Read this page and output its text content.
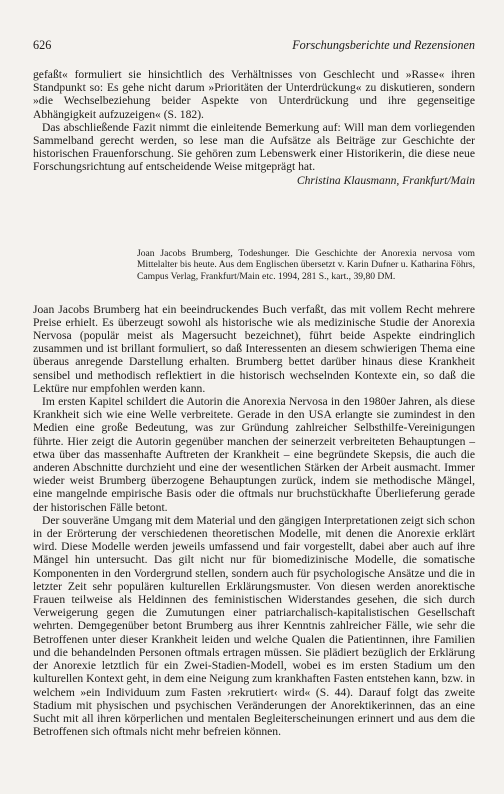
626	Forschungsberichte und Rezensionen

gefaßt« formuliert sie hinsichtlich des Verhältnisses von Geschlecht und »Rasse« ihren Standpunkt so: Es gehe nicht darum »Prioritäten der Unterdrückung« zu diskutieren, sondern »die Wechselbeziehung beider Aspekte von Unterdrückung und ihre gegenseitige Abhängigkeit aufzuzeigen« (S. 182).

Das abschließende Fazit nimmt die einleitende Bemerkung auf: Will man dem vorliegenden Sammelband gerecht werden, so lese man die Aufsätze als Beiträge zur Geschichte der historischen Frauenforschung. Sie gehören zum Lebenswerk einer Historikerin, die diese neue Forschungsrichtung auf entscheidende Weise mitgeprägt hat.

Christina Klausmann, Frankfurt/Main
Joan Jacobs Brumberg, Todeshunger. Die Geschichte der Anorexia nervosa vom Mittelalter bis heute. Aus dem Englischen übersetzt v. Karin Dufner u. Katharina Föhrs, Campus Verlag, Frankfurt/Main etc. 1994, 281 S., kart., 39,80 DM.

Joan Jacobs Brumberg hat ein beeindruckendes Buch verfaßt, das mit vollem Recht mehrere Preise erhielt. Es überzeugt sowohl als historische wie als medizinische Studie der Anorexia Nervosa (populär meist als Magersucht bezeichnet), führt beide Aspekte eindringlich zusammen und ist brillant formuliert, so daß Interessenten an diesem schwierigen Thema eine überaus anregende Darstellung erhalten. Brumberg bettet darüber hinaus diese Krankheit sensibel und methodisch reflektiert in die historisch wechselnden Kontexte ein, so daß die Lektüre nur empfohlen werden kann.

Im ersten Kapitel schildert die Autorin die Anorexia Nervosa in den 1980er Jahren, als diese Krankheit sich wie eine Welle verbreitete. Gerade in den USA erlangte sie zumindest in den Medien eine große Bedeutung, was zur Gründung zahlreicher Selbsthilfe-Vereinigungen führte. Hier zeigt die Autorin gegenüber manchen der seinerzeit verbreiteten Behauptungen – etwa über das massenhafte Auftreten der Krankheit – eine begründete Skepsis, die auch die anderen Abschnitte durchzieht und eine der wesentlichen Stärken der Arbeit ausmacht. Immer wieder weist Brumberg überzogene Behauptungen zurück, indem sie methodische Mängel, eine mangelnde empirische Basis oder die oftmals nur bruchstückhafte Überlieferung gerade der historischen Fälle betont.

Der souveräne Umgang mit dem Material und den gängigen Interpretationen zeigt sich schon in der Erörterung der verschiedenen theoretischen Modelle, mit denen die Anorexie erklärt wird. Diese Modelle werden jeweils umfassend und fair vorgestellt, dabei aber auch auf ihre Mängel hin untersucht. Das gilt nicht nur für biomedizinische Modelle, die somatische Komponenten in den Vordergrund stellen, sondern auch für psychologische Ansätze und die in letzter Zeit sehr populären kulturellen Erklärungsmuster. Von diesen werden anorektische Frauen teilweise als Heldinnen des feministischen Widerstandes gesehen, die sich durch Verweigerung gegen die Zumutungen einer patriarchalisch-kapitalistischen Gesellschaft wehrten. Demgegenüber betont Brumberg aus ihrer Kenntnis zahlreicher Fälle, wie sehr die Betroffenen unter dieser Krankheit leiden und welche Qualen die Patientinnen, ihre Familien und die behandelnden Personen oftmals ertragen müssen. Sie plädiert bezüglich der Erklärung der Anorexie letztlich für ein Zwei-Stadien-Modell, wobei es im ersten Stadium um den kulturellen Kontext geht, in dem eine Neigung zum krankhaften Fasten entstehen kann, bzw. in welchem »ein Individuum zum Fasten ›rekrutiert‹ wird« (S. 44). Darauf folgt das zweite Stadium mit physischen und psychischen Veränderungen der Anorektikerinnen, das an eine Sucht mit all ihren körperlichen und mentalen Begleiterscheinungen erinnert und aus dem die Betroffenen sich oftmals nicht mehr befreien können.
